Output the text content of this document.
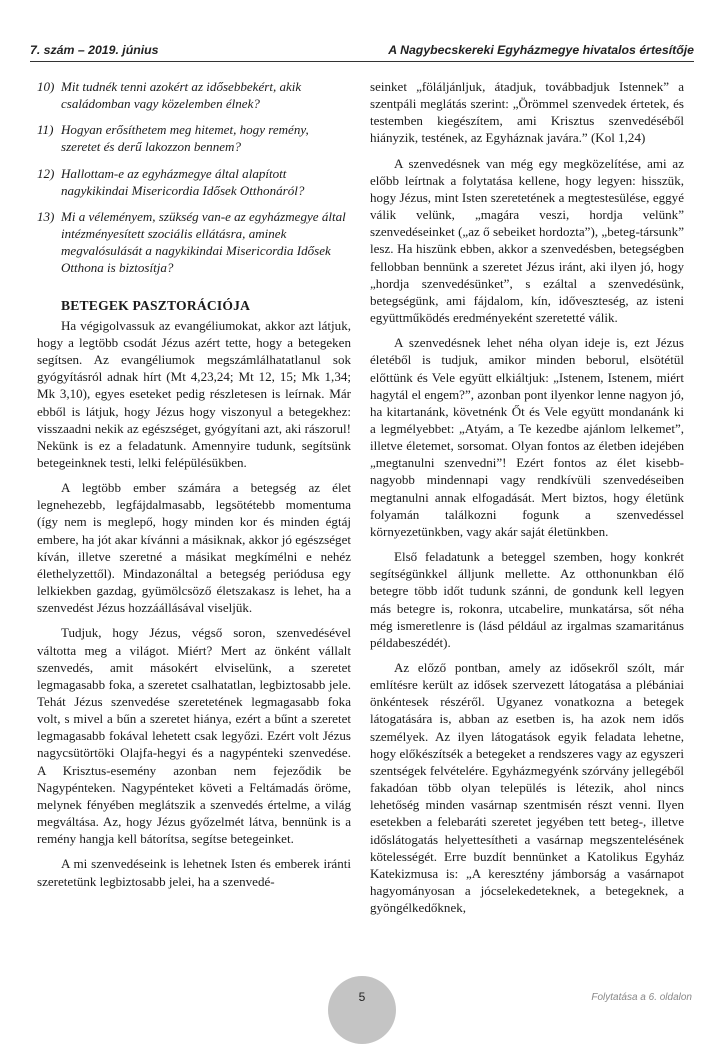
7. szám – 2019. június	A Nagybecskereki Egyházmegye hivatalos értesítője
10) Mit tudnék tenni azokért az idősebbekért, akik családomban vagy közelemben élnek?
11) Hogyan erősíthetem meg hitemet, hogy remény, szeretet és derű lakozzon bennem?
12) Hallottam-e az egyházmegye által alapított nagykikindai Misericordia Idősek Otthonáról?
13) Mi a véleményem, szükség van-e az egyházmegye által intézményesített szociális ellátásra, aminek megvalósulását a nagykikindai Misericordia Idősek Otthona is biztosítja?
BETEGEK PASZTORÁCIÓJA

Ha végigolvassuk az evangéliumokat, akkor azt látjuk, hogy a legtöbb csodát Jézus azért tette, hogy a betegeken segítsen. Az evangéliumok megszámlálhatatlanul sok gyógyításról adnak hírt (Mt 4,23,24; Mt 12, 15; Mk 1,34; Mk 3,10), egyes eseteket pedig részletesen is leírnak. Már ebből is látjuk, hogy Jézus hogy viszonyul a betegekhez: visszaadni nekik az egészséget, gyógyítani azt, aki rászorul! Nekünk is ez a feladatunk. Amennyire tudunk, segítsünk betegeinknek testi, lelki felépülésükben.

A legtöbb ember számára a betegség az élet legnehezebb, legfájdalmasabb, legsötétebb momentuma (így nem is meglepő, hogy minden kor és minden égtáj embere, ha jót akar kívánni a másiknak, akkor jó egészséget kíván, illetve szeretné a másikat megkímélni e nehéz élethelyzettől). Mindazonáltal a betegség periódusa egy lelkiekben gazdag, gyümölcsöző életszakasz is lehet, ha a szenvedést Jézus hozzáállásával viseljük.

Tudjuk, hogy Jézus, végső soron, szenvedésével váltotta meg a világot. Miért? Mert az önként vállalt szenvedés, amit másokért elviselünk, a szeretet legmagasabb foka, a szeretet csalhatatlan, legbiztosabb jele. Tehát Jézus szenvedése szeretetének legmagasabb foka volt, s mivel a bűn a szeretet hiánya, ezért a bűnt a szeretet legmagasabb fokával lehetett csak legyőzi. Ezért volt Jézus nagycsütörtöki Olajfa-hegyi és a nagypénteki szenvedése. A Krisztus-esemény azonban nem fejeződik be Nagypénteken. Nagypénteket követi a Feltámadás öröme, melynek fényében meglátszik a szenvedés értelme, a világ megváltása. Az, hogy Jézus győzelmét látva, bennünk is a remény hangja kell bátorítsa, segítse betegeinket.

A mi szenvedéseink is lehetnek Isten és emberek iránti szeretetünk legbiztosabb jelei, ha a szenvedé-

seinket „föláljánljuk, átadjuk, továbbadjuk Istennek” a szentpáli meglátás szerint: „Örömmel szenvedek értetek, és testemben kiegészítem, ami Krisztus szenvedéséből hiányzik, testének, az Egyháznak javára.” (Kol 1,24)

A szenvedésnek van még egy megközelítése, ami az előbb leírtnak a folytatása kellene, hogy legyen: hisszük, hogy Jézus, mint Isten szeretetének a megtestesülése, eggyé válik velünk, „magára veszi, hordja velünk” szenvedéseinket („az ő sebeiket hordozta”), „beteg-társunk” lesz. Ha hiszünk ebben, akkor a szenvedésben, betegségben fellobban bennünk a szeretet Jézus iránt, aki ilyen jó, hogy „hordja szenvedésünket”, s ezáltal a szenvedésünk, betegségünk, ami fájdalom, kín, időveszteség, az isteni együttműködés eredményeként szeretetté válik.

A szenvedésnek lehet néha olyan ideje is, ezt Jézus életéből is tudjuk, amikor minden beborul, elsötétül előttünk és Vele együtt elkiáltjuk: „Istenem, Istenem, miért hagytál el engem?”, azonban pont ilyenkor lenne nagyon jó, ha kitartanánk, követnénk Őt és Vele együtt mondanánk ki a legmélyebbet: „Atyám, a Te kezedbe ajánlom lelkemet”, illetve életemet, sorsomat. Olyan fontos az életben idejében „megtanulni szenvedni”! Ezért fontos az élet kisebb-nagyobb mindennapi vagy rendkívüli szenvedéseiben megtanulni annak elfogadását. Mert biztos, hogy életünk folyamán találkozni fogunk a szenvedéssel környezetünkben, vagy akár saját életünkben.

Első feladatunk a beteggel szemben, hogy konkrét segítségünkkel álljunk mellette. Az otthonunkban élő betegre több időt tudunk szánni, de gondunk kell legyen más betegre is, rokonra, utcabelire, munkatársa, sőt néha még ismeretlenre is (lásd például az irgalmas szamaritánus példabeszédét).

Az előző pontban, amely az idősekről szólt, már említésre került az idősek szervezett látogatása a plébániai önkéntesek részéről. Ugyanez vonatkozna a betegek látogatására is, abban az esetben is, ha azok nem idős személyek. Az ilyen látogatások egyik feladata lehetne, hogy előkészítsék a betegeket a rendszeres vagy az egyszeri szentségek felvételére. Egyházmegyénk szórvány jellegéből fakadóan több olyan település is létezik, ahol nincs lehetőség minden vasárnap szentmisén részt venni. Ilyen esetekben a felebaráti szeretet jegyében tett beteg-, illetve időslátogatás helyettesítheti a vasárnap megszentelésének kötelességét. Erre buzdít bennünket a Katolikus Egyház Katekizmusa is: „A keresztény jámborság a vasárnapot hagyományosan a jócselekedeteknek, a betegeknek, a gyöngélkedőknek,

Folytatása a 6. oldalon
5
